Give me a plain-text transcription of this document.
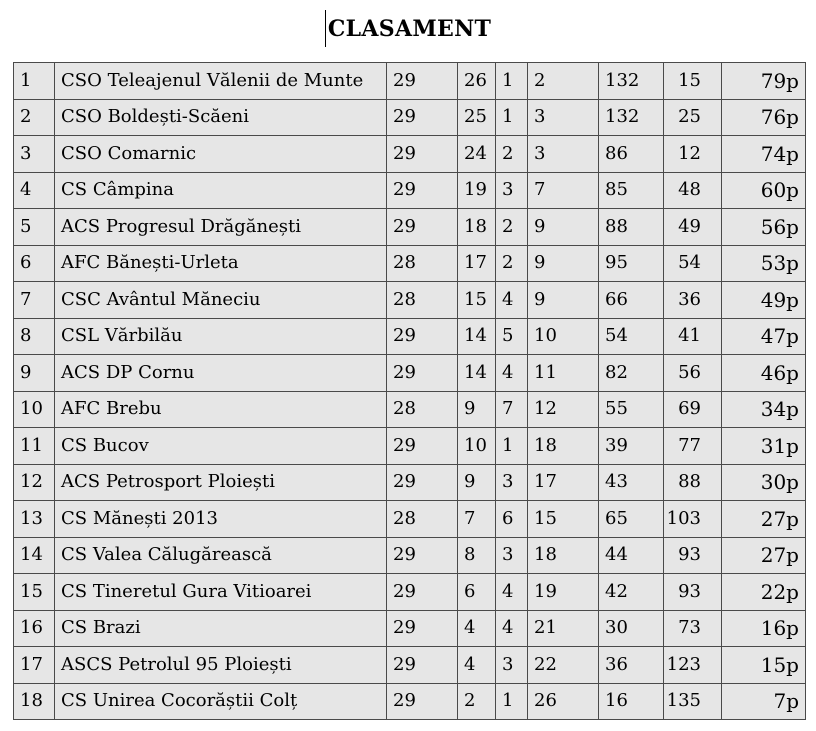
CLASAMENT
1	CSO Teleajenul Vălenii de Munte	29	26	1	2	132	15	79p
2	CSO Boldești-Scăeni	29	25	1	3	132	25	76p
3	CSO Comarnic	29	24	2	3	86	12	74p
4	CS Câmpina	29	19	3	7	85	48	60p
5	ACS Progresul Drăgănești	29	18	2	9	88	49	56p
6	AFC Bănești-Urleta	28	17	2	9	95	54	53p
7	CSC Avântul Măneciu	28	15	4	9	66	36	49p
8	CSL Vărbilău	29	14	5	10	54	41	47p
9	ACS DP Cornu	29	14	4	11	82	56	46p
10	AFC Brebu	28	9	7	12	55	69	34p
11	CS Bucov	29	10	1	18	39	77	31p
12	ACS Petrosport Ploiești	29	9	3	17	43	88	30p
13	CS Mănești 2013	28	7	6	15	65	103	27p
14	CS Valea Călugărească	29	8	3	18	44	93	27p
15	CS Tineretul Gura Vitioarei	29	6	4	19	42	93	22p
16	CS Brazi	29	4	4	21	30	73	16p
17	ASCS Petrolul 95 Ploiești	29	4	3	22	36	123	15p
18	CS Unirea Cocorăștii Colț	29	2	1	26	16	135	7p
